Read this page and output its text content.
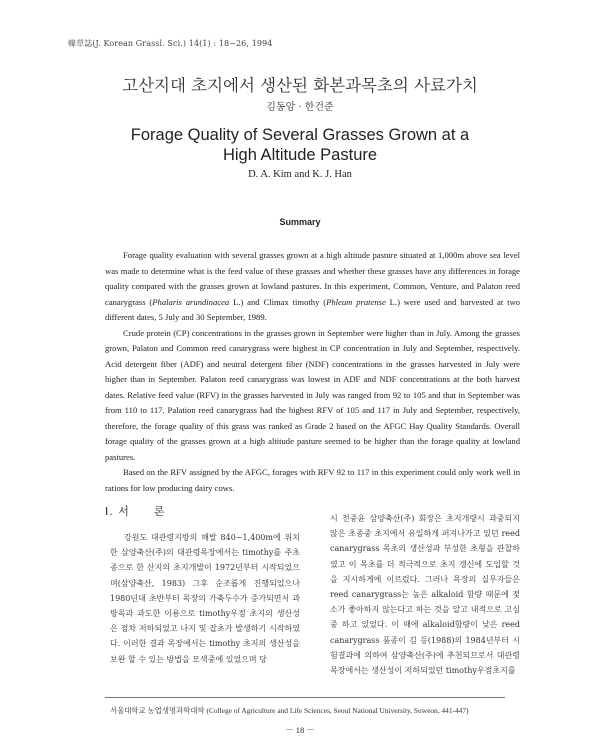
韓草誌(J. Korean Grassl. Sci.) 14(1) : 18~26, 1994
고산지대 초지에서 생산된 화본과목초의 사료가치
김동암 · 한건준
Forage Quality of Several Grasses Grown at a
High Altitude Pasture
D. A. Kim and K. J. Han
Summary

Forage quality evaluation with several grasses grown at a high altitude pasture situated at 1,000m above sea level was made to determine what is the feed value of these grasses and whether these grasses have any differences in forage quality compared with the grasses grown at lowland pastures. In this experiment, Common, Venture, and Palaton reed canarygrass (Phalaris arundinacea L.) and Climax timothy (Phleum pratense L.) were used and harvested at two different dates, 5 July and 30 September, 1989.

Crude protein (CP) concentrations in the grasses grown in September were higher than in July. Among the grasses grown, Palaton and Common reed canarygrass were highest in CP concentration in July and September, respectively. Acid detergent fiber (ADF) and neutral detergent fiber (NDF) concentrations in the grasses harvested in July were higher than in September. Palaton reed canarygrass was lowest in ADF and NDF concentrations at the both harvest dates. Relative feed value (RFV) in the grasses harvested in July was ranged from 92 to 105 and that in September was from 110 to 117. Palation reed canarygrass had the highest RFV of 105 and 117 in July and September, respectively, therefore, the forage quality of this grass was ranked as Grade 2 based on the AFGC Hay Quality Standards. Overall forage quality of the grasses grown at a high altitude pasture seemed to be higher than the forage quality at lowland pastures.

Based on the RFV assigned by the AFGC, forages with RFV 92 to 117 in this experiment could only work well in rations for low producing dairy cows.

Ⅰ. 서　　론

강원도 대관령지방의 해발 840~1,400m에 위치한 삼양축산(주)의 대관령목장에서는 timothy를 주초종으로 한 산지의 초지개발이 1972년부터 시작되었으며(삼양축산, 1983) 그후 순조롭게 진행되었으나 1980년대 초반부터 목장의 가축두수가 증가되면서 과방목과 과도한 이용으로 timothy우점 초지의 생산성은 점차 저하되었고 나지 및 잡초가 발생하기 시작하였다. 이러한 결과 목장에서는 timothy 초지의 생산성을 보완 할 수 있는 방법을 모색중에 있었으며 당

시 전중윤 삼양축산(주) 회장은 초지개량시 과중되지 않은 초종중 초지에서 유일하게 퍼져나가고 있던 reed canarygrass 목초의 생산성과 부성한 초형을 관찰하였고 이 목초를 더 적극적으로 초지 갱신에 도입할 것을 지시하게에 이르렀다. 그러나 목장의 실무자들은 reed canarygrass는 높은 alkaloid 함량 때문에 젖소가 좋아하지 않는다고 하는 것을 알고 내적으로 고심 중 하고 있었다. 이 때에 alkaloid함량이 낮은 reed canarygrass 품종이 김 등(1988)의 1984년부터 시험결과에 의하여 삼양축산(주)에 추천되므로서 대관령목장에서는 생산성이 저하되었던 timothy우점초지를

서울대학교 농업생명과학대학 (College of Agriculture and Life Sciences, Seoul National University, Suweon, 441-447)
－ 18 －
